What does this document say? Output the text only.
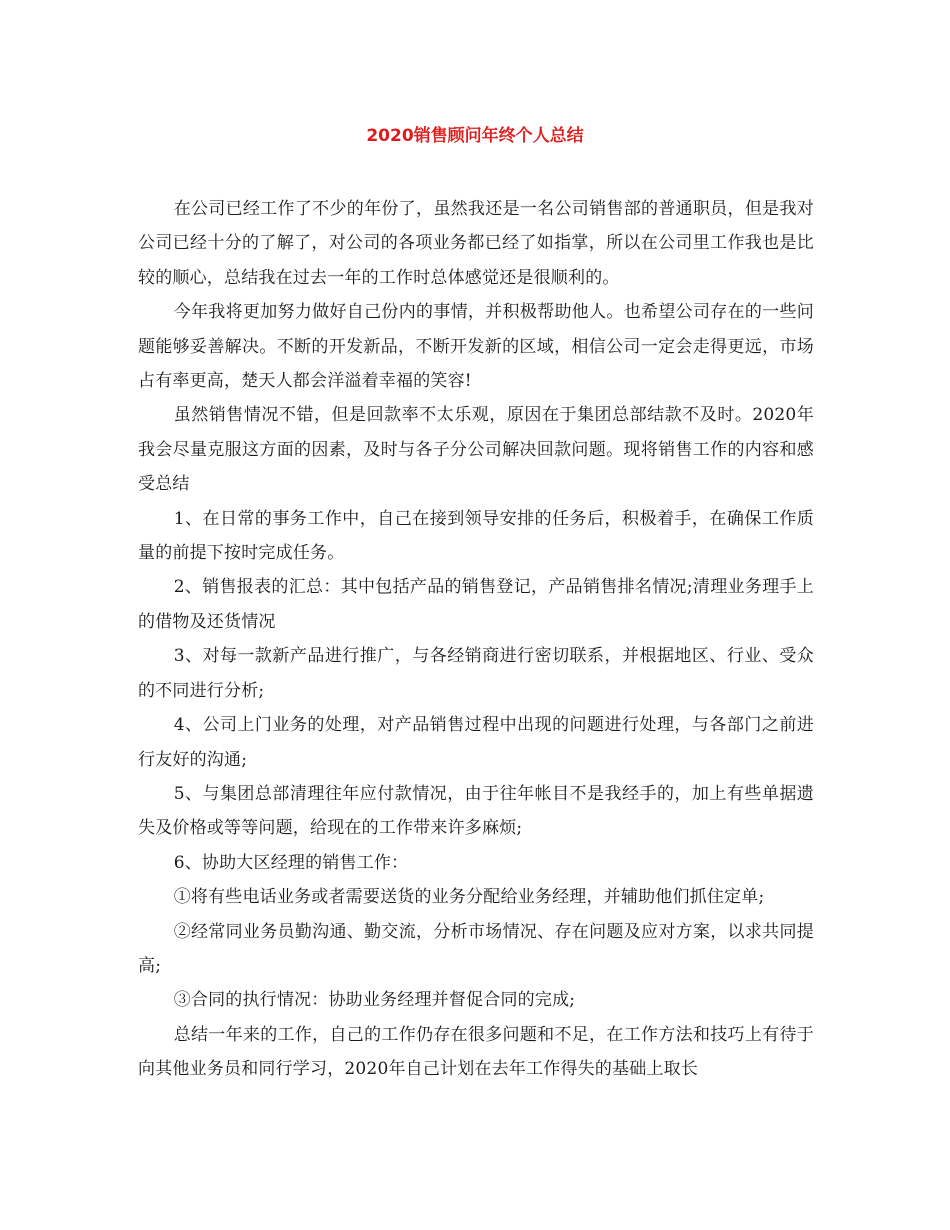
2020销售顾问年终个人总结

在公司已经工作了不少的年份了，虽然我还是一名公司销售部的普通职员，但是我对公司已经十分的了解了，对公司的各项业务都已经了如指掌，所以在公司里工作我也是比较的顺心，总结我在过去一年的工作时总体感觉还是很顺利的。

今年我将更加努力做好自己份内的事情，并积极帮助他人。也希望公司存在的一些问题能够妥善解决。不断的开发新品，不断开发新的区域，相信公司一定会走得更远，市场占有率更高，楚天人都会洋溢着幸福的笑容!

虽然销售情况不错，但是回款率不太乐观，原因在于集团总部结款不及时。2020年我会尽量克服这方面的因素，及时与各子分公司解决回款问题。现将销售工作的内容和感受总结

1、在日常的事务工作中，自己在接到领导安排的任务后，积极着手，在确保工作质量的前提下按时完成任务。

2、销售报表的汇总：其中包括产品的销售登记，产品销售排名情况;清理业务理手上的借物及还货情况

3、对每一款新产品进行推广，与各经销商进行密切联系，并根据地区、行业、受众的不同进行分析;

4、公司上门业务的处理，对产品销售过程中出现的问题进行处理，与各部门之前进行友好的沟通;

5、与集团总部清理往年应付款情况，由于往年帐目不是我经手的，加上有些单据遗失及价格或等等问题，给现在的工作带来许多麻烦;

6、协助大区经理的销售工作：

①将有些电话业务或者需要送货的业务分配给业务经理，并辅助他们抓住定单;

②经常同业务员勤沟通、勤交流，分析市场情况、存在问题及应对方案，以求共同提高;

③合同的执行情况：协助业务经理并督促合同的完成;

总结一年来的工作，自己的工作仍存在很多问题和不足，在工作方法和技巧上有待于向其他业务员和同行学习，2020年自己计划在去年工作得失的基础上取长
